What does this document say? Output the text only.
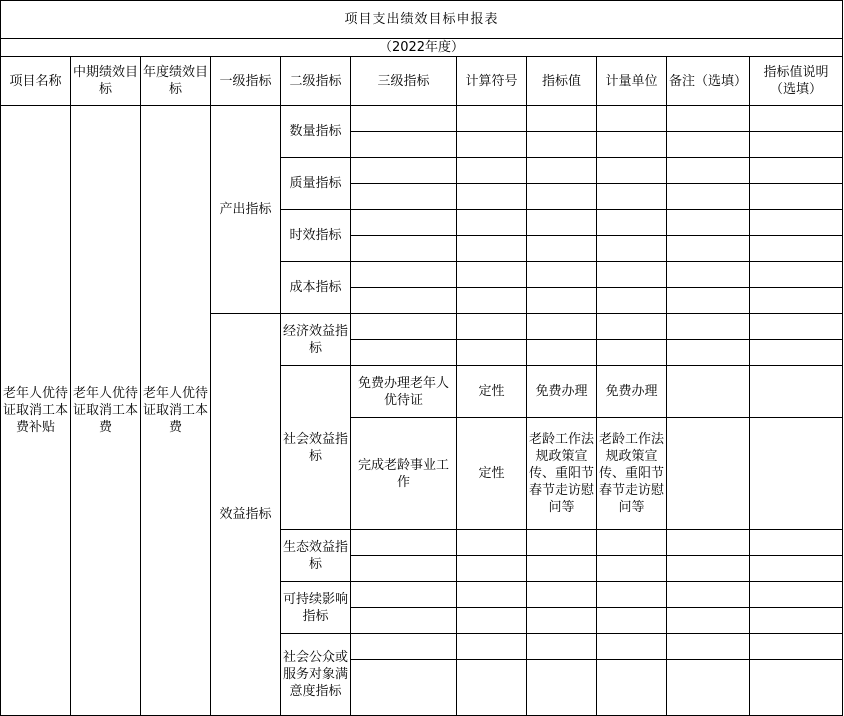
项目支出绩效目标申报表										
（2022年度）										
项目名称	中期绩效目标	年度绩效目标	一级指标	二级指标	三级指标	计算符号	指标值	计量单位	备注（选填）	指标值说明（选填）
老年人优待证取消工本费补贴	老年人优待证取消工本费	老年人优待证取消工本费	产出指标	数量指标						

				质量指标						

				时效指标						

				成本指标						

			效益指标	经济效益指标						

				社会效益指标	免费办理老年人优待证	定性	免费办理	免费办理		

					完成老龄事业工作	定性	老龄工作法规政策宣传、重阳节春节走访慰问等	老龄工作法规政策宣传、重阳节春节走访慰问等		

				生态效益指标						

				可持续影响指标						

				社会公众或服务对象满意度指标						
